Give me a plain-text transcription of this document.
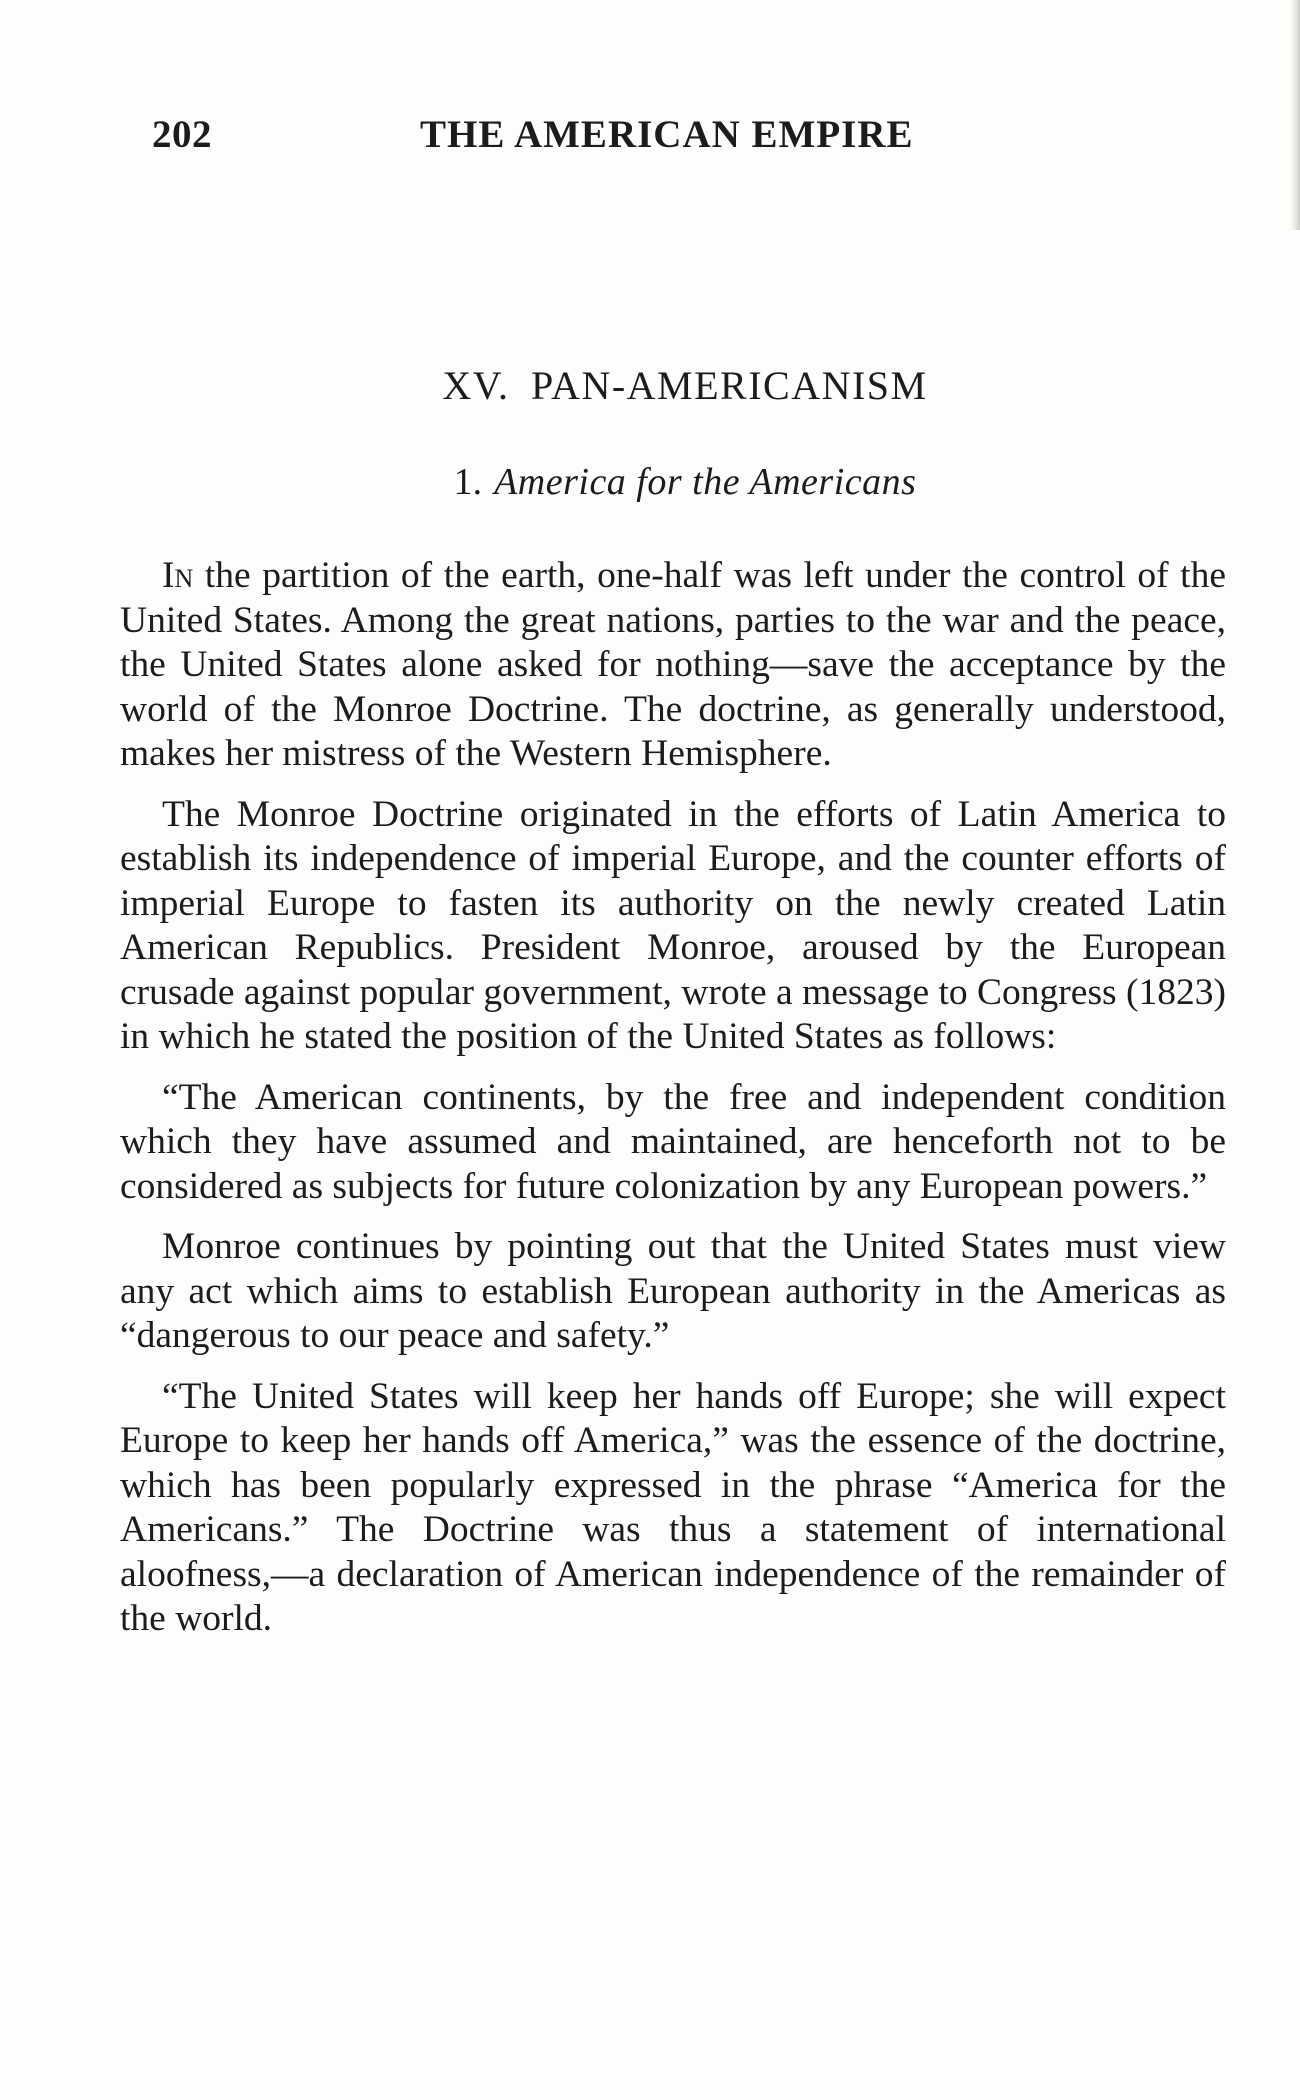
202	THE AMERICAN EMPIRE
XV. PAN-AMERICANISM
1. America for the Americans

In the partition of the earth, one-half was left under the control of the United States. Among the great nations, parties to the war and the peace, the United States alone asked for nothing—save the acceptance by the world of the Monroe Doctrine. The doctrine, as generally understood, makes her mistress of the Western Hemisphere.

The Monroe Doctrine originated in the efforts of Latin America to establish its independence of imperial Europe, and the counter efforts of imperial Europe to fasten its authority on the newly created Latin American Republics. President Monroe, aroused by the European crusade against popular government, wrote a message to Congress (1823) in which he stated the position of the United States as follows:

“The American continents, by the free and independent condition which they have assumed and maintained, are henceforth not to be considered as subjects for future colonization by any European powers.”

Monroe continues by pointing out that the United States must view any act which aims to establish European authority in the Americas as “dangerous to our peace and safety.”

“The United States will keep her hands off Europe; she will expect Europe to keep her hands off America,” was the essence of the doctrine, which has been popularly expressed in the phrase “America for the Americans.” The Doctrine was thus a statement of international aloofness,—a declaration of American independence of the remainder of the world.
